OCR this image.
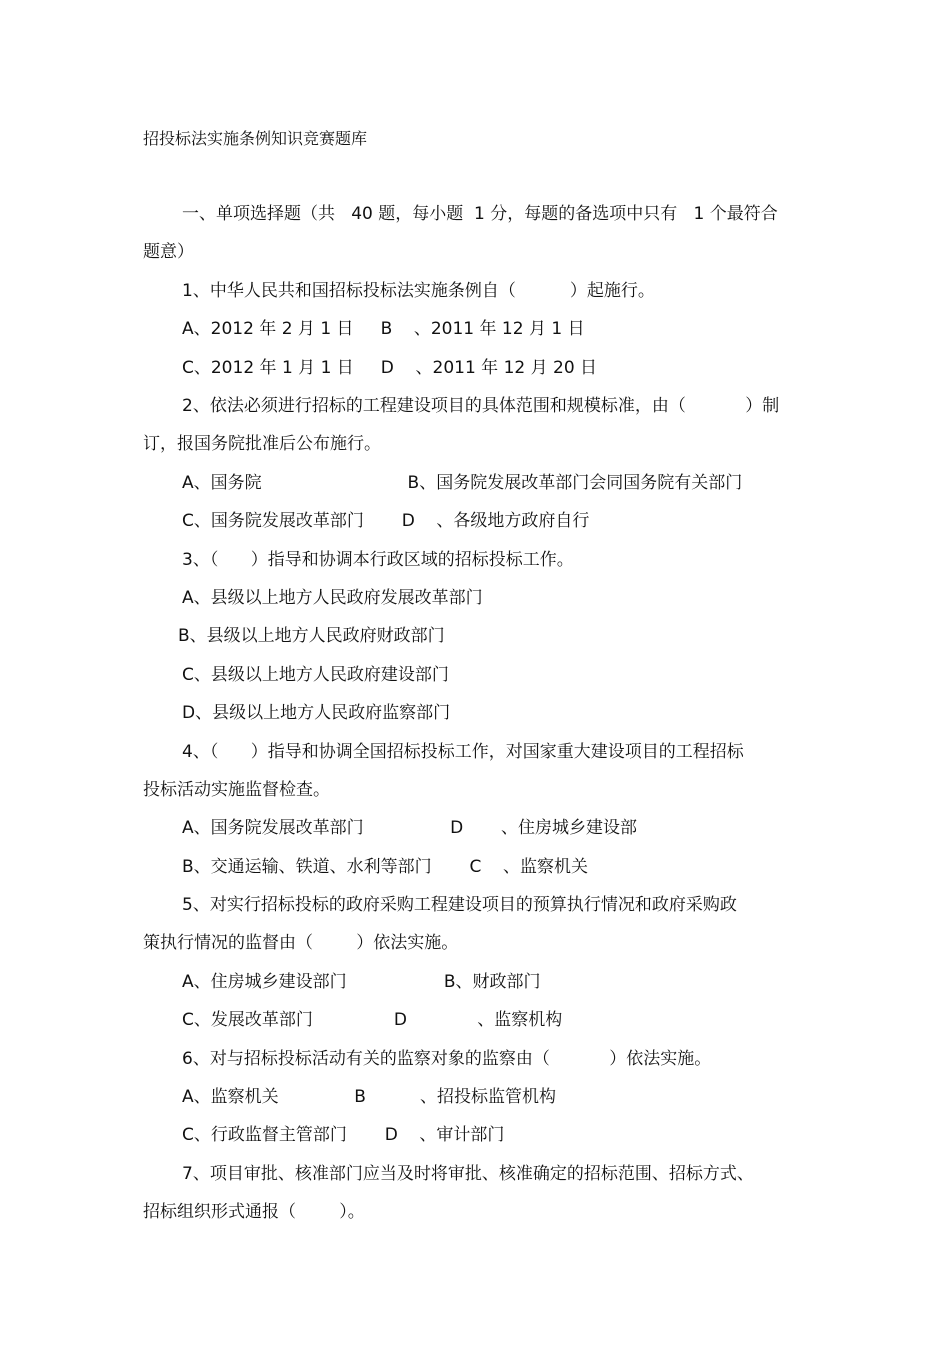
招投标法实施条例知识竞赛题库

一、单项选择题（共   40 题，每小题  1 分，每题的备选项中只有   1 个最符合

题意）

1、中华人民共和国招标投标法实施条例自（          ）起施行。

A、2012 年 2 月 1 日     B    、2011 年 12 月 1 日

C、2012 年 1 月 1 日     D    、2011 年 12 月 20 日

2、依法必须进行招标的工程建设项目的具体范围和规模标准，由（           ）制

订，报国务院批准后公布施行。

A、国务院                           B、国务院发展改革部门会同国务院有关部门

C、国务院发展改革部门       D    、各级地方政府自行

3、（      ）指导和协调本行政区域的招标投标工作。

A、县级以上地方人民政府发展改革部门

B、县级以上地方人民政府财政部门

C、县级以上地方人民政府建设部门

D、县级以上地方人民政府监察部门

4、（      ）指导和协调全国招标投标工作，对国家重大建设项目的工程招标

投标活动实施监督检查。

A、国务院发展改革部门                D       、住房城乡建设部

B、交通运输、铁道、水利等部门       C    、监察机关

5、对实行招标投标的政府采购工程建设项目的预算执行情况和政府采购政

策执行情况的监督由（        ）依法实施。

A、住房城乡建设部门                  B、财政部门

C、发展改革部门               D             、监察机构

6、对与招标投标活动有关的监察对象的监察由（           ）依法实施。

A、监察机关              B          、招投标监管机构

C、行政监督主管部门       D    、审计部门

7、项目审批、核准部门应当及时将审批、核准确定的招标范围、招标方式、

招标组织形式通报（        ）。
